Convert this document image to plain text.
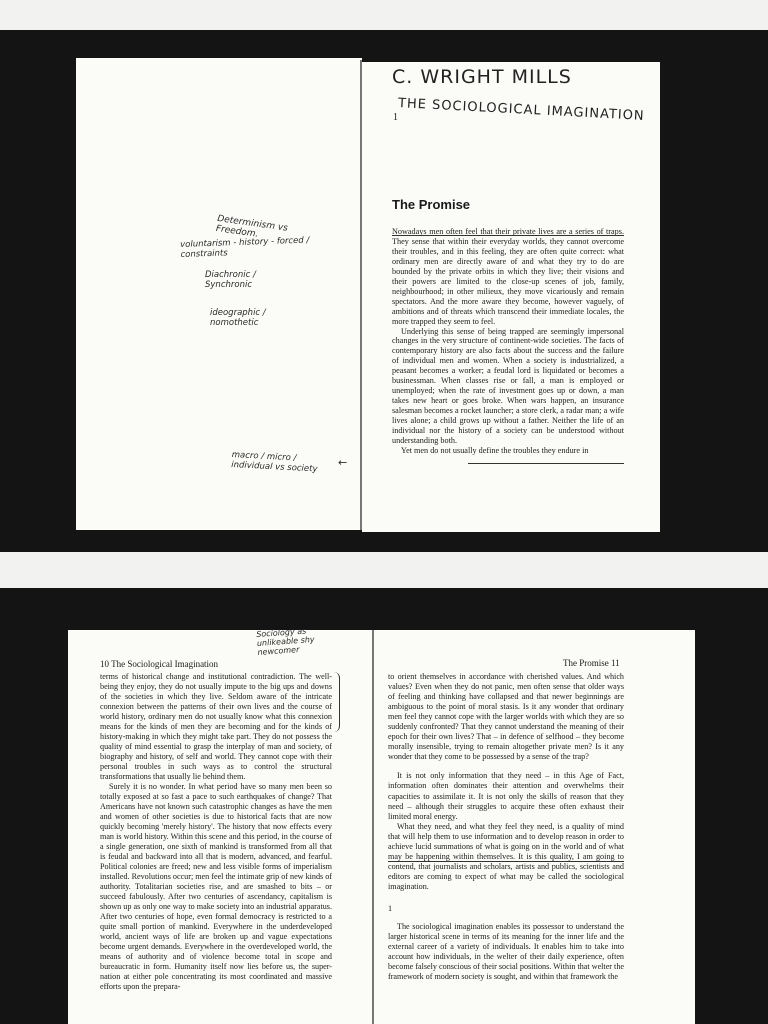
C. WRIGHT MILLS
THE SOCIOLOGICAL IMAGINATION
1
The Promise
Determinism vs Freedom.
voluntarism - history - forced / constraints
Diachronic / Synchronic
ideographic / nomothetic
macro / micro / individual vs society	←

Nowadays men often feel that their private lives are a series of traps. They sense that within their everyday worlds, they cannot overcome their troubles, and in this feeling, they are often quite correct: what ordinary men are directly aware of and what they try to do are bounded by the private orbits in which they live; their visions and their powers are limited to the close-up scenes of job, family, neighbourhood; in other milieux, they move vicariously and remain spectators. And the more aware they become, however vaguely, of ambitions and of threats which transcend their immediate locales, the more trapped they seem to feel.

Underlying this sense of being trapped are seemingly impersonal changes in the very structure of continent-wide societies. The facts of contemporary history are also facts about the success and the failure of individual men and women. When a society is industrialized, a peasant becomes a worker; a feudal lord is liquidated or becomes a businessman. When classes rise or fall, a man is employed or unemployed; when the rate of investment goes up or down, a man takes new heart or goes broke. When wars happen, an insurance salesman becomes a rocket launcher; a store clerk, a radar man; a wife lives alone; a child grows up without a father. Neither the life of an individual nor the history of a society can be understood without understanding both.

Yet men do not usually define the troubles they endure in

Sociology as unlikeable shy newcomer
10 The Sociological Imagination	The Promise 11

terms of historical change and institutional contradiction. The well-being they enjoy, they do not usually impute to the big ups and downs of the societies in which they live. Seldom aware of the intricate connexion between the patterns of their own lives and the course of world history, ordinary men do not usually know what this connexion means for the kinds of men they are becoming and for the kinds of history-making in which they might take part. They do not possess the quality of mind essential to grasp the interplay of man and society, of biography and history, of self and world. They cannot cope with their personal troubles in such ways as to control the structural transformations that usually lie behind them.

Surely it is no wonder. In what period have so many men been so totally exposed at so fast a pace to such earthquakes of change? That Americans have not known such catastrophic changes as have the men and women of other societies is due to historical facts that are now quickly becoming 'merely history'. The history that now effects every man is world history. Within this scene and this period, in the course of a single generation, one sixth of mankind is transformed from all that is feudal and backward into all that is modern, advanced, and fearful. Political colonies are freed; new and less visible forms of imperialism installed. Revolutions occur; men feel the intimate grip of new kinds of authority. Totalitarian societies rise, and are smashed to bits – or succeed fabulously. After two centuries of ascendancy, capitalism is shown up as only one way to make society into an industrial apparatus. After two centuries of hope, even formal democracy is restricted to a quite small portion of mankind. Everywhere in the underdeveloped world, ancient ways of life are broken up and vague expectations become urgent demands. Everywhere in the overdeveloped world, the means of authority and of violence become total in scope and bureaucratic in form. Humanity itself now lies before us, the super-nation at either pole concentrating its most coordinated and massive efforts upon the prepara-

to orient themselves in accordance with cherished values. And which values? Even when they do not panic, men often sense that older ways of feeling and thinking have collapsed and that newer beginnings are ambiguous to the point of moral stasis. Is it any wonder that ordinary men feel they cannot cope with the larger worlds with which they are so suddenly confronted? That they cannot understand the meaning of their epoch for their own lives? That – in defence of selfhood – they become morally insensible, trying to remain altogether private men? Is it any wonder that they come to be possessed by a sense of the trap?

It is not only information that they need – in this Age of Fact, information often dominates their attention and overwhelms their capacities to assimilate it. It is not only the skills of reason that they need – although their struggles to acquire these often exhaust their limited moral energy.

What they need, and what they feel they need, is a quality of mind that will help them to use information and to develop reason in order to achieve lucid summations of what is going on in the world and of what may be happening within themselves. It is this quality, I am going to contend, that journalists and scholars, artists and publics, scientists and editors are coming to expect of what may be called the sociological imagination.

1

The sociological imagination enables its possessor to understand the larger historical scene in terms of its meaning for the inner life and the external career of a variety of individuals. It enables him to take into account how individuals, in the welter of their daily experience, often become falsely conscious of their social positions. Within that welter the framework of modern society is sought, and within that framework the
